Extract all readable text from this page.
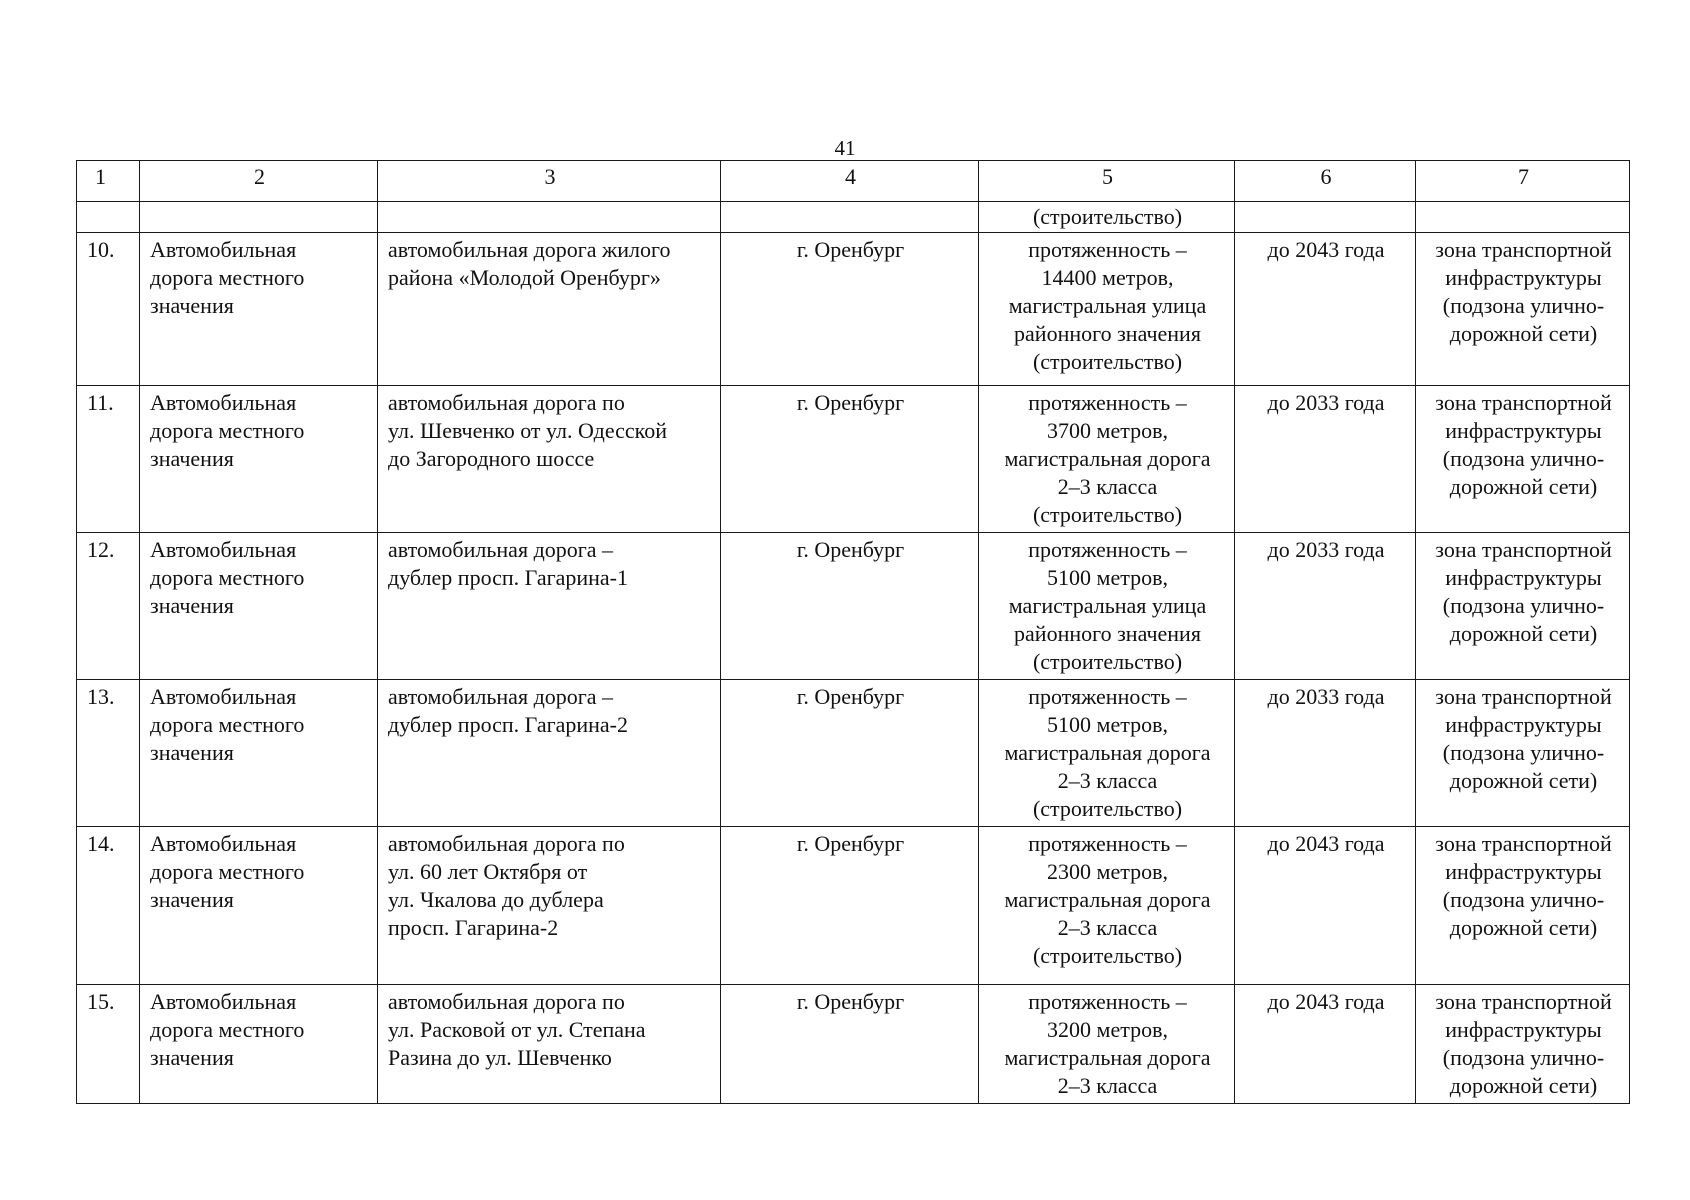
41
1	2	3	4	5	6	7
				(строительство)		
10.	Автомобильная
дорога местного
значения	автомобильная дорога жилого
района «Молодой Оренбург»	г. Оренбург	протяженность –
14400 метров,
магистральная улица
районного значения
(строительство)	до 2043 года	зона транспортной
инфраструктуры
(подзона улично-
дорожной сети)

11.	Автомобильная
дорога местного
значения	автомобильная дорога по
ул. Шевченко от ул. Одесской
до Загородного шоссе	г. Оренбург	протяженность –
3700 метров,
магистральная дорога
2–3 класса
(строительство)	до 2033 года	зона транспортной
инфраструктуры
(подзона улично-
дорожной сети)

12.	Автомобильная
дорога местного
значения	автомобильная дорога –
дублер просп. Гагарина-1	г. Оренбург	протяженность –
5100 метров,
магистральная улица
районного значения
(строительство)	до 2033 года	зона транспортной
инфраструктуры
(подзона улично-
дорожной сети)

13.	Автомобильная
дорога местного
значения	автомобильная дорога –
дублер просп. Гагарина-2	г. Оренбург	протяженность –
5100 метров,
магистральная дорога
2–3 класса
(строительство)	до 2033 года	зона транспортной
инфраструктуры
(подзона улично-
дорожной сети)

14.	Автомобильная
дорога местного
значения	автомобильная дорога по
ул. 60 лет Октября от
ул. Чкалова до дублера
просп. Гагарина-2	г. Оренбург	протяженность –
2300 метров,
магистральная дорога
2–3 класса
(строительство)	до 2043 года	зона транспортной
инфраструктуры
(подзона улично-
дорожной сети)

15.	Автомобильная
дорога местного
значения	автомобильная дорога по
ул. Расковой от ул. Степана
Разина до ул. Шевченко	г. Оренбург	протяженность –
3200 метров,
магистральная дорога
2–3 класса	до 2043 года	зона транспортной
инфраструктуры
(подзона улично-
дорожной сети)
